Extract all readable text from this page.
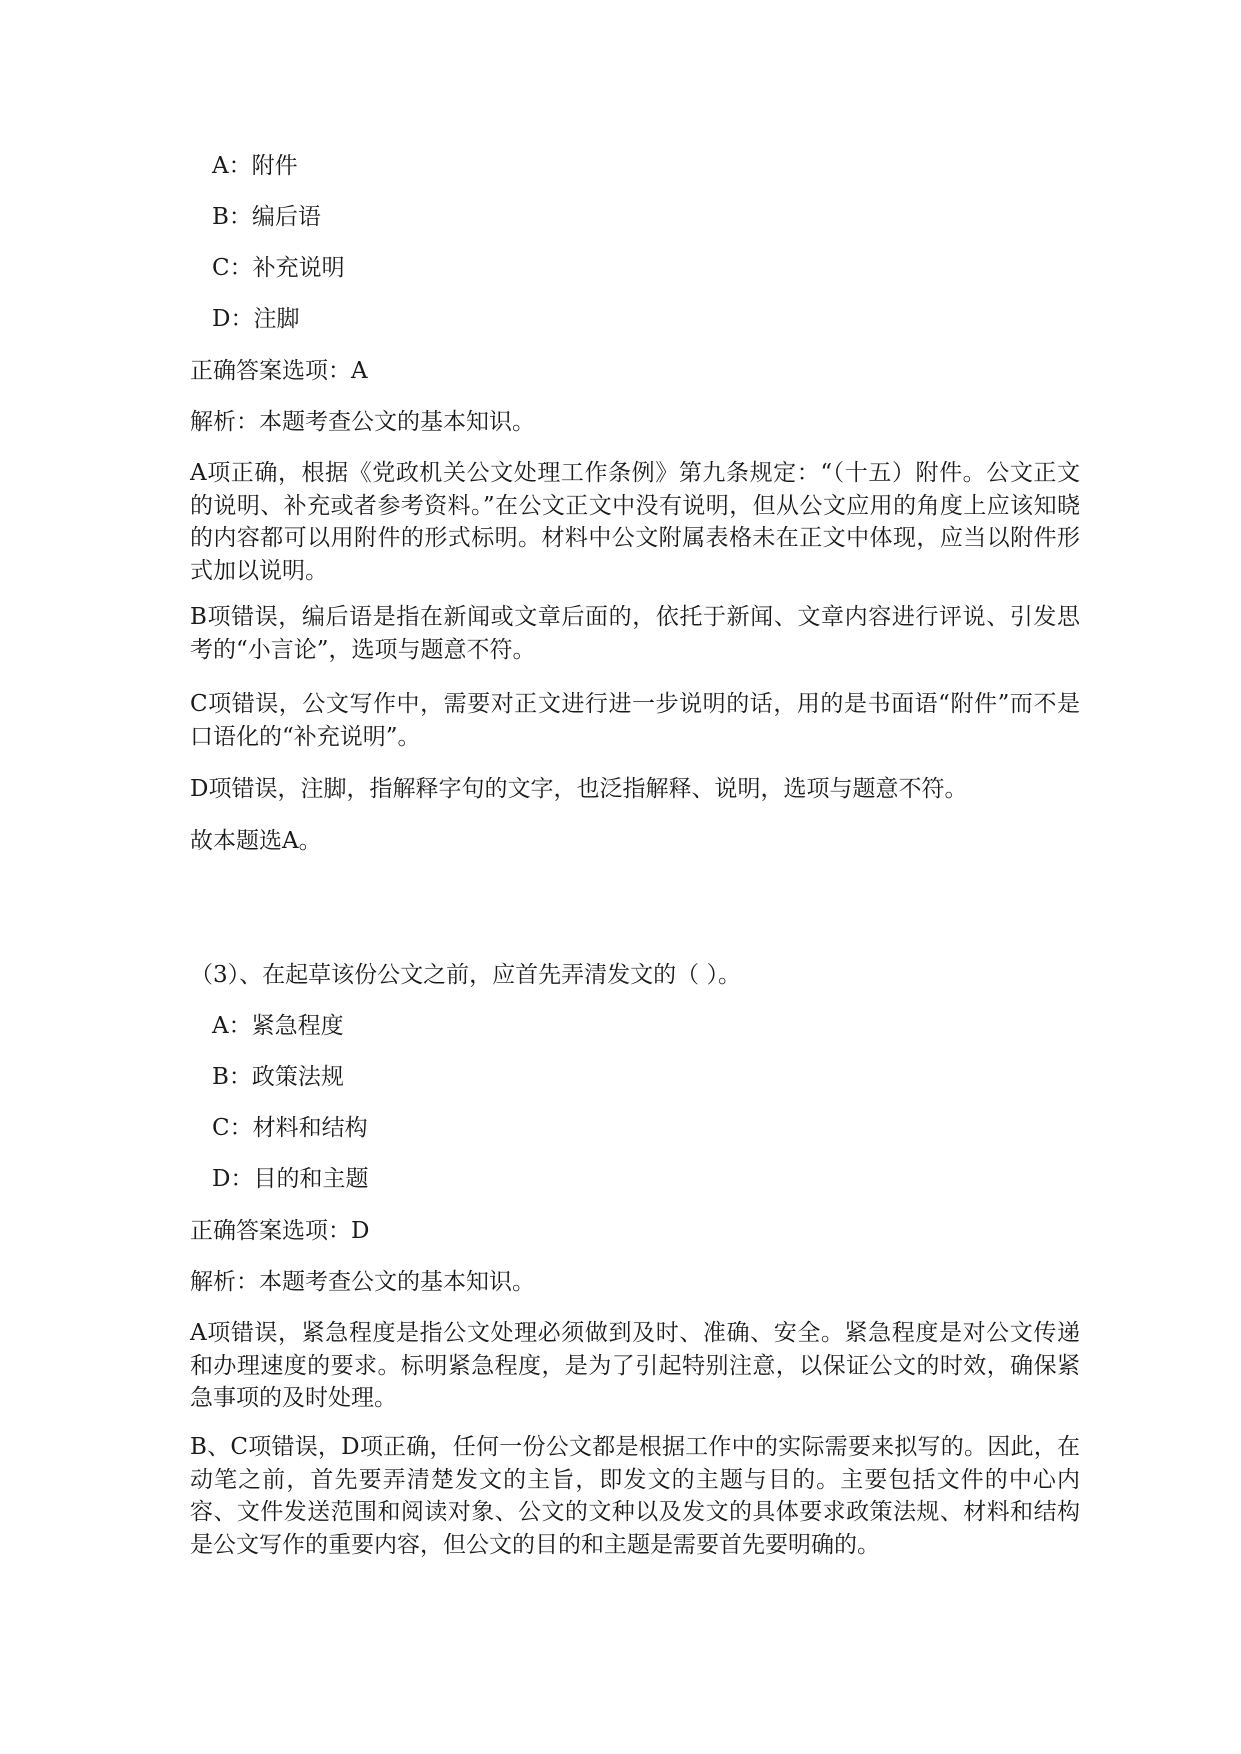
A：附件
B：编后语
C：补充说明
D：注脚
正确答案选项：A
解析：本题考查公文的基本知识。
A项正确，根据《党政机关公文处理工作条例》第九条规定：“（十五）附件。公文正文的说明、补充或者参考资料。”在公文正文中没有说明，但从公文应用的角度上应该知晓的内容都可以用附件的形式标明。材料中公文附属表格未在正文中体现，应当以附件形式加以说明。
B项错误，编后语是指在新闻或文章后面的，依托于新闻、文章内容进行评说、引发思考的“小言论”，选项与题意不符。
C项错误，公文写作中，需要对正文进行进一步说明的话，用的是书面语“附件”而不是口语化的“补充说明”。
D项错误，注脚，指解释字句的文字，也泛指解释、说明，选项与题意不符。
故本题选A。
（3）、在起草该份公文之前，应首先弄清发文的（ ）。
A：紧急程度
B：政策法规
C：材料和结构
D：目的和主题
正确答案选项：D
解析：本题考查公文的基本知识。
A项错误，紧急程度是指公文处理必须做到及时、准确、安全。紧急程度是对公文传递和办理速度的要求。标明紧急程度，是为了引起特别注意，以保证公文的时效，确保紧急事项的及时处理。
B、C项错误，D项正确，任何一份公文都是根据工作中的实际需要来拟写的。因此，在动笔之前，首先要弄清楚发文的主旨，即发文的主题与目的。主要包括文件的中心内容、文件发送范围和阅读对象、公文的文种以及发文的具体要求政策法规、材料和结构是公文写作的重要内容，但公文的目的和主题是需要首先要明确的。
